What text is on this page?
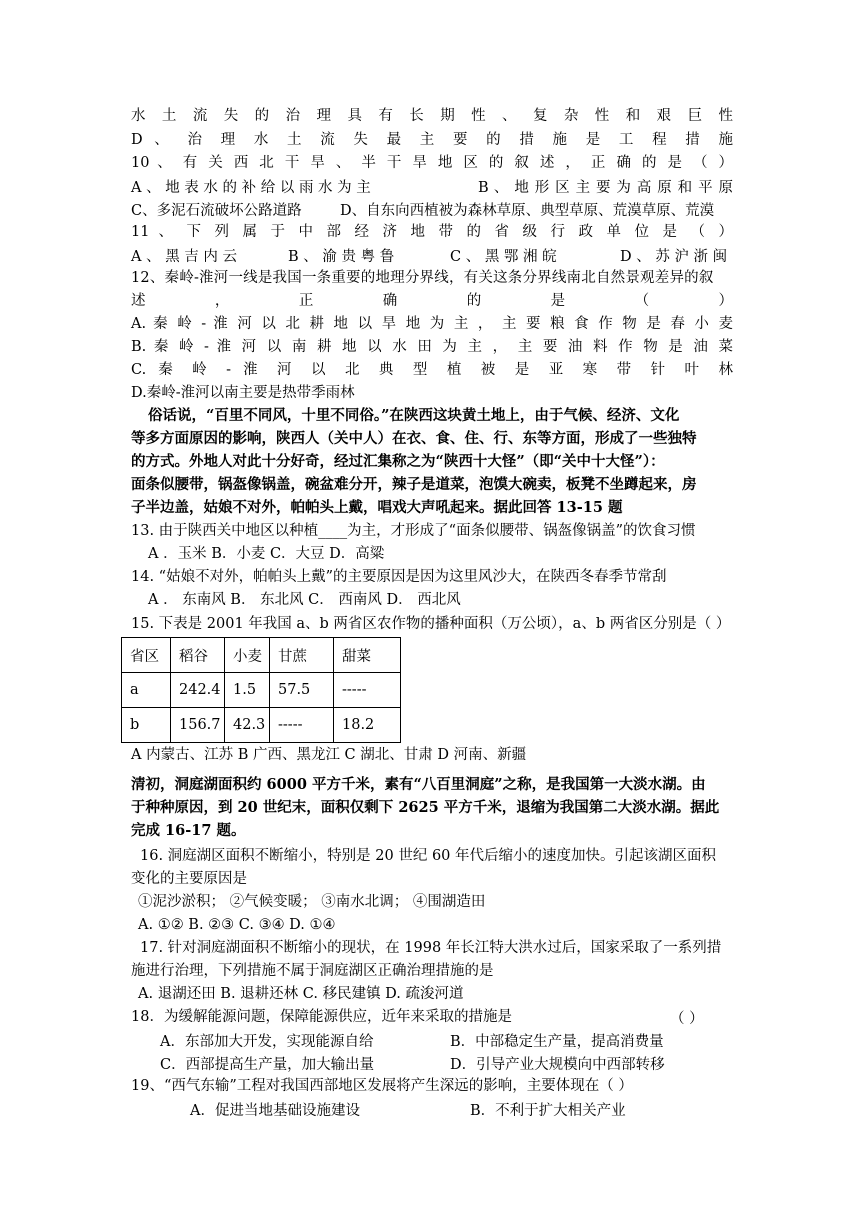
水 土 流 失 的 治 理 具 有 长 期 性 、 复 杂 性 和 艰 巨 性
D 、 治 理 水 土 流 失 最 主 要 的 措 施 是 工 程 措 施
10 、 有 关 西 北 干 旱 、 半 干 旱 地 区 的 叙 述 ， 正 确 的 是 （ ）
A 、 地 表 水 的 补 给 以 雨 水 为 主	B 、 地 形 区 主 要 为 高 原 和 平 原
C、多泥石流破坏公路道路	D、自东向西植被为森林草原、典型草原、荒漠草原、荒漠
11 、 下 列 属 于 中 部 经 济 地 带 的 省 级 行 政 单 位 是 （ ）
A 、 黑 吉 内 云	B 、 渝 贵 粤 鲁	C 、 黑 鄂 湘 皖	D 、 苏 沪 浙 闽
12、秦岭-淮河一线是我国一条重要的地理分界线，有关这条分界线南北自然景观差异的叙
述 ， 正 确 的 是 （ ）
A. 秦 岭 - 淮 河 以 北 耕 地 以 旱 地 为 主 ， 主 要 粮 食 作 物 是 春 小 麦
B. 秦 岭 - 淮 河 以 南 耕 地 以 水 田 为 主 ， 主 要 油 料 作 物 是 油 菜
C. 秦 岭 - 淮 河 以 北 典 型 植 被 是 亚 寒 带 针 叶 林
D.秦岭-淮河以南主要是热带季雨林
俗话说，“百里不同风，十里不同俗。”在陕西这块黄土地上，由于气候、经济、文化
等多方面原因的影响，陕西人（关中人）在衣、食、住、行、东等方面，形成了一些独特
的方式。外地人对此十分好奇，经过汇集称之为“陕西十大怪”（即“关中十大怪”）：
面条似腰带，锅盔像锅盖，碗盆难分开，辣子是道菜，泡馍大碗卖，板凳不坐蹲起来，房
子半边盖，姑娘不对外，帕帕头上戴，唱戏大声吼起来。据此回答 13-15 题
13. 由于陕西关中地区以种植____为主，才形成了“面条似腰带、锅盔像锅盖”的饮食习惯
A ．玉米 B．小麦 C．大豆 D．高粱
14. “姑娘不对外，帕帕头上戴”的主要原因是因为这里风沙大，在陕西冬春季节常刮
A ． 东南风 B． 东北风 C． 西南风 D． 西北风
15. 下表是 2001 年我国 a、b 两省区农作物的播种面积（万公顷），a、b 两省区分别是（ ）
省区	稻谷	小麦	甘蔗	甜菜
a	242.4	1.5	57.5	-----
b	156.7	42.3	-----	18.2
A 内蒙古、江苏 B 广西、黑龙江 C 湖北、甘肃 D 河南、新疆
清初，洞庭湖面积约 6000 平方千米，素有“八百里洞庭”之称，是我国第一大淡水湖。由
于种种原因，到 20 世纪末，面积仅剩下 2625 平方千米，退缩为我国第二大淡水湖。据此
完成 16-17 题。
16. 洞庭湖区面积不断缩小，特别是 20 世纪 60 年代后缩小的速度加快。引起该湖区面积
变化的主要原因是
①泥沙淤积； ②气候变暖； ③南水北调； ④围湖造田
A. ①② B. ②③ C. ③④ D. ①④
17. 针对洞庭湖面积不断缩小的现状，在 1998 年长江特大洪水过后，国家采取了一系列措
施进行治理，下列措施不属于洞庭湖区正确治理措施的是
A. 退湖还田 B. 退耕还林 C. 移民建镇 D. 疏浚河道
18．为缓解能源问题，保障能源供应，近年来采取的措施是	（ ）
A．东部加大开发，实现能源自给	B．中部稳定生产量，提高消费量
C．西部提高生产量，加大输出量	D．引导产业大规模向中西部转移
19、“西气东输”工程对我国西部地区发展将产生深远的影响，主要体现在（ ）
A．促进当地基础设施建设	B．不利于扩大相关产业
